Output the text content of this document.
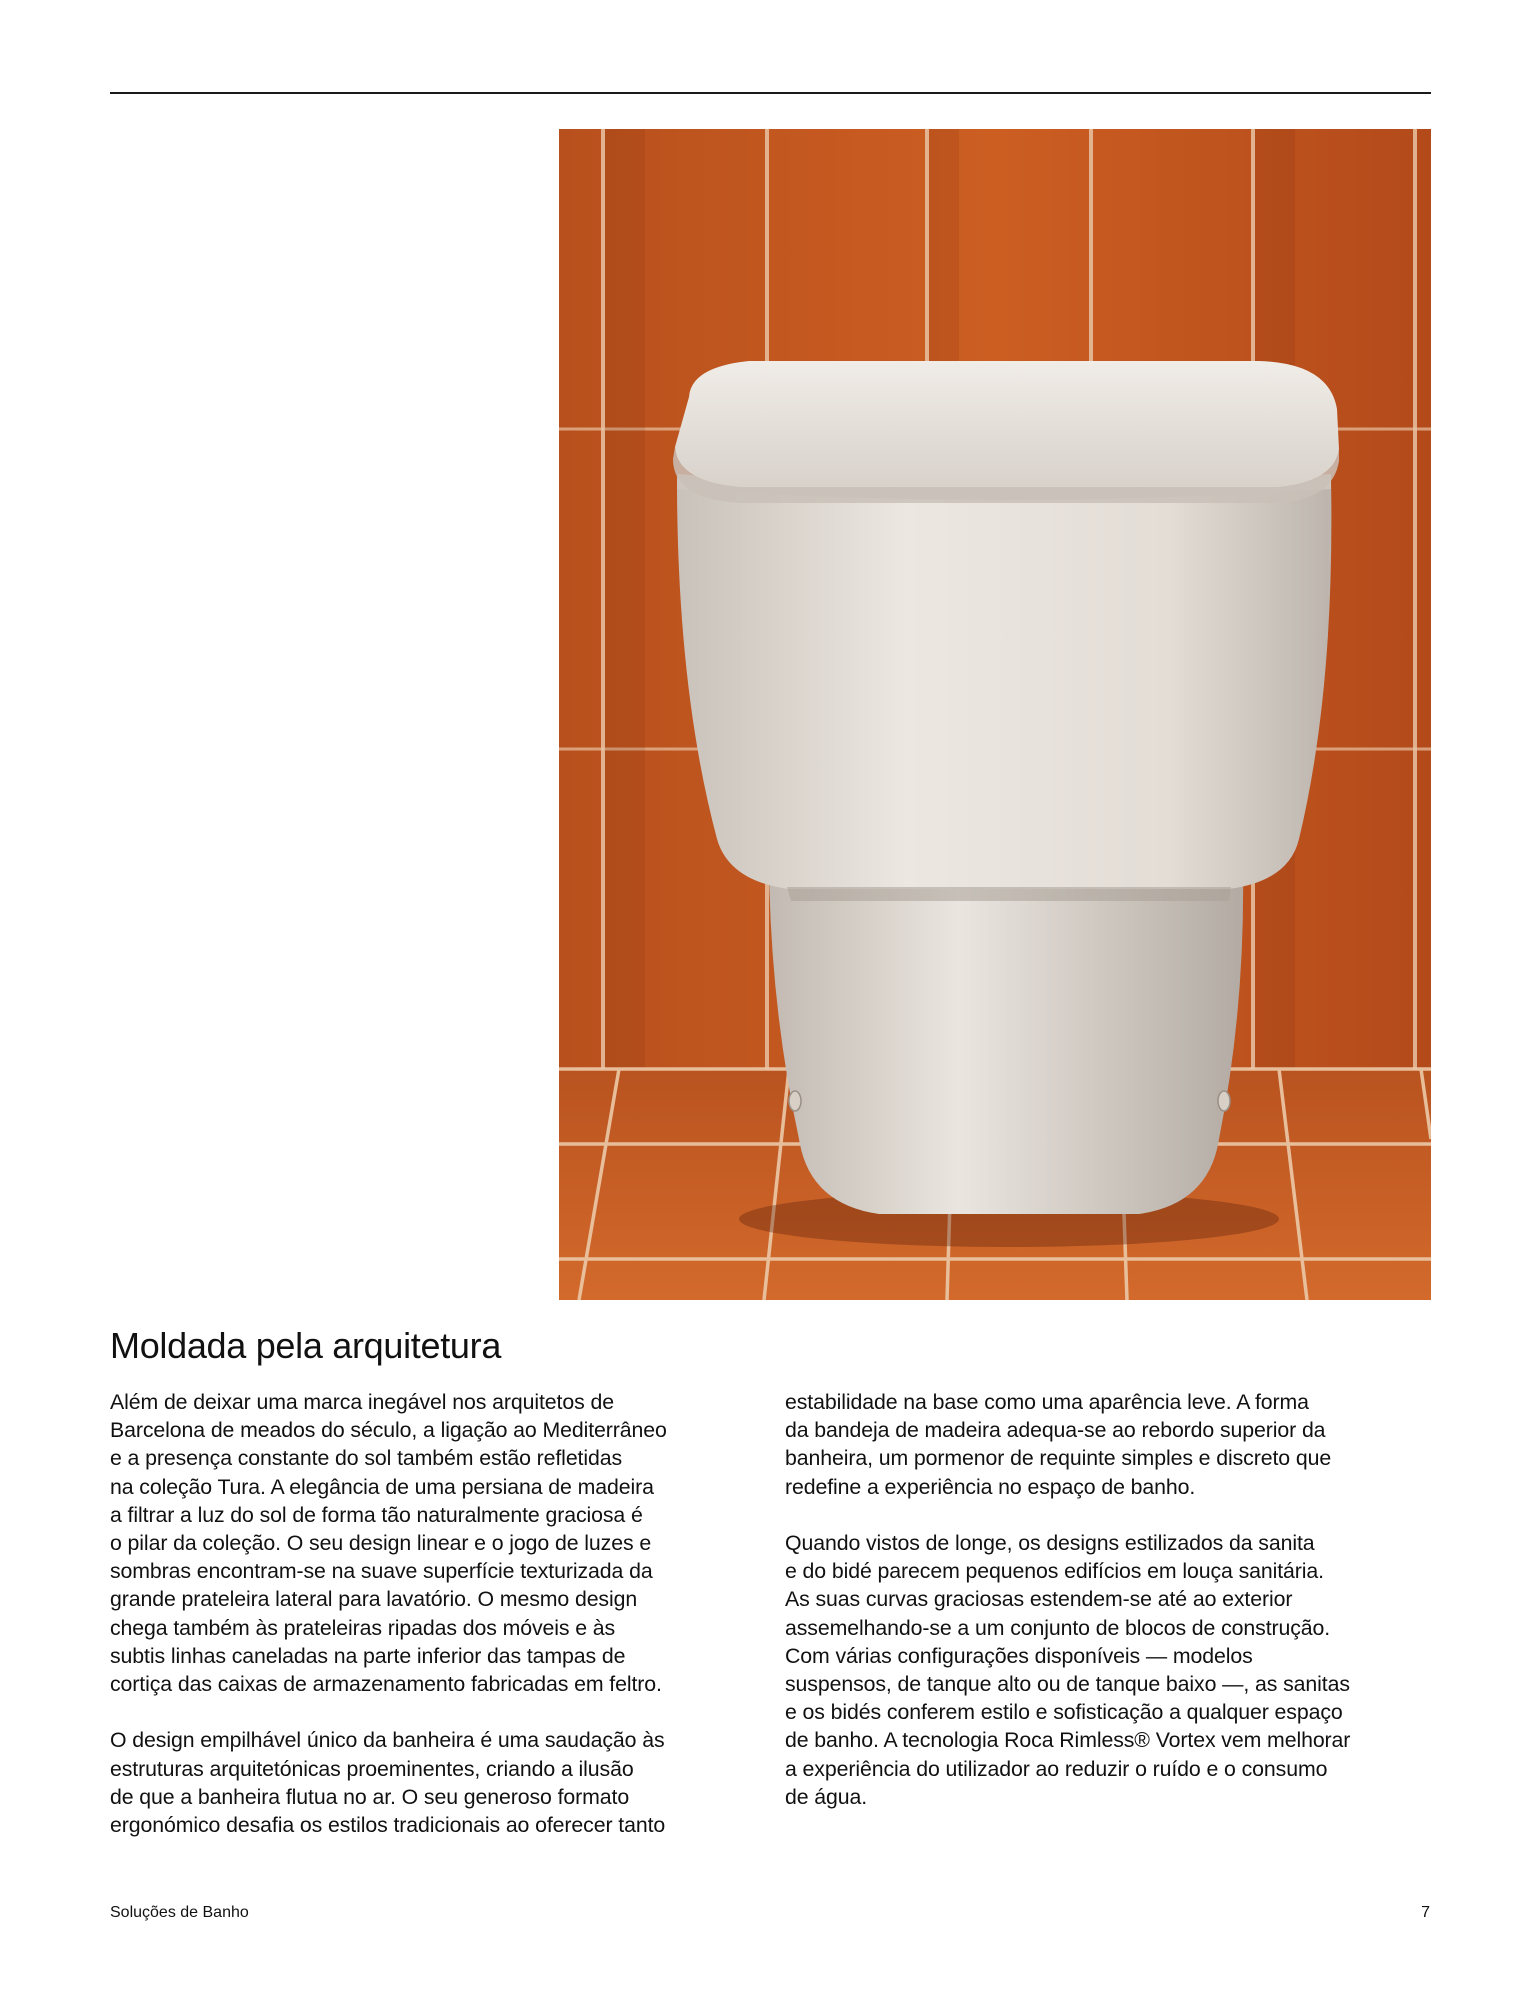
Moldada pela arquitetura

Além de deixar uma marca inegável nos arquitetos de
Barcelona de meados do século, a ligação ao Mediterrâneo
e a presença constante do sol também estão refletidas
na coleção Tura. A elegância de uma persiana de madeira
a filtrar a luz do sol de forma tão naturalmente graciosa é
o pilar da coleção. O seu design linear e o jogo de luzes e
sombras encontram-se na suave superfície texturizada da
grande prateleira lateral para lavatório. O mesmo design
chega também às prateleiras ripadas dos móveis e às
subtis linhas caneladas na parte inferior das tampas de
cortiça das caixas de armazenamento fabricadas em feltro.

O design empilhável único da banheira é uma saudação às
estruturas arquitetónicas proeminentes, criando a ilusão
de que a banheira flutua no ar. O seu generoso formato
ergonómico desafia os estilos tradicionais ao oferecer tanto

estabilidade na base como uma aparência leve. A forma
da bandeja de madeira adequa-se ao rebordo superior da
banheira, um pormenor de requinte simples e discreto que
redefine a experiência no espaço de banho.

Quando vistos de longe, os designs estilizados da sanita
e do bidé parecem pequenos edifícios em louça sanitária.
As suas curvas graciosas estendem-se até ao exterior
assemelhando-se a um conjunto de blocos de construção.
Com várias configurações disponíveis — modelos
suspensos, de tanque alto ou de tanque baixo —, as sanitas
e os bidés conferem estilo e sofisticação a qualquer espaço
de banho. A tecnologia Roca Rimless® Vortex vem melhorar
a experiência do utilizador ao reduzir o ruído e o consumo
de água.

Soluções de Banho	7
